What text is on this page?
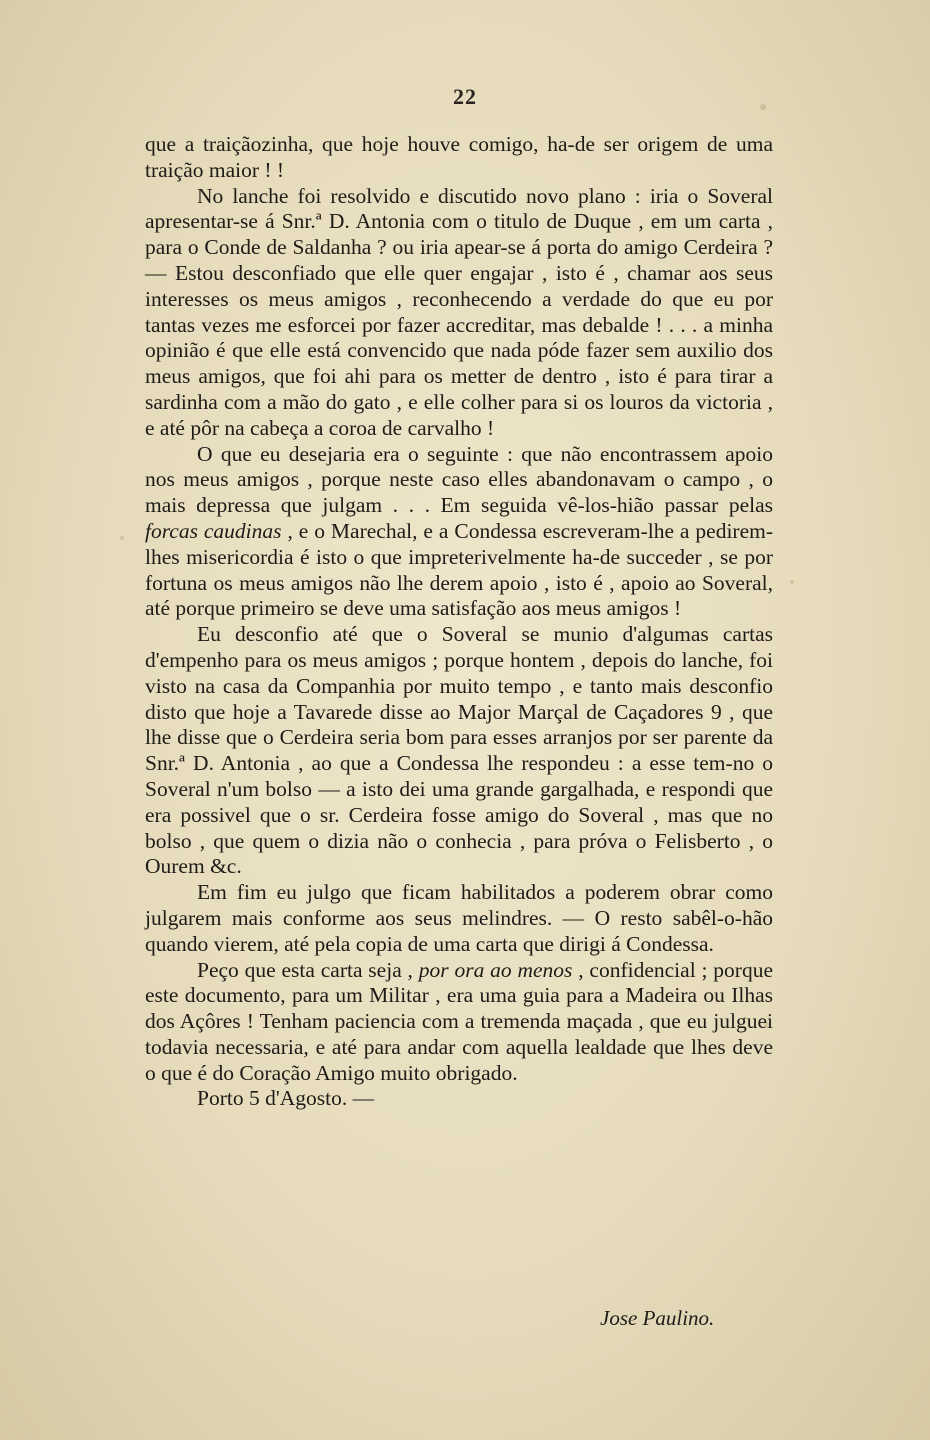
22

que a traiçãozinha, que hoje houve comigo, ha-de ser origem de uma traição maior ! !

No lanche foi resolvido e discutido novo plano : iria o Soveral apresentar-se á Snr.ª D. Antonia com o titulo de Duque , em um carta , para o Conde de Saldanha ? ou iria apear-se á porta do amigo Cerdeira ? — Estou desconfiado que elle quer engajar , isto é , chamar aos seus interesses os meus amigos , reconhecendo a verdade do que eu por tantas vezes me esforcei por fazer accreditar, mas debalde ! . . . a minha opinião é que elle está convencido que nada póde fazer sem auxilio dos meus amigos, que foi ahi para os metter de dentro , isto é para tirar a sardinha com a mão do gato , e elle colher para si os louros da victoria , e até pôr na cabeça a coroa de carvalho !

O que eu desejaria era o seguinte : que não encontrassem apoio nos meus amigos , porque neste caso elles abandonavam o campo , o mais depressa que julgam . . . Em seguida vê-los-hião passar pelas forcas caudinas , e o Marechal, e a Condessa escreveram-lhe a pedirem-lhes misericordia é isto o que impreterivelmente ha-de succeder , se por fortuna os meus amigos não lhe derem apoio , isto é , apoio ao Soveral, até porque primeiro se deve uma satisfação aos meus amigos !

Eu desconfio até que o Soveral se munio d'algumas cartas d'empenho para os meus amigos ; porque hontem , depois do lanche, foi visto na casa da Companhia por muito tempo , e tanto mais desconfio disto que hoje a Tavarede disse ao Major Marçal de Caçadores 9 , que lhe disse que o Cerdeira seria bom para esses arranjos por ser parente da Snr.ª D. Antonia , ao que a Condessa lhe respondeu : a esse tem-no o Soveral n'um bolso — a isto dei uma grande gargalhada, e respondi que era possivel que o sr. Cerdeira fosse amigo do Soveral , mas que no bolso , que quem o dizia não o conhecia , para próva o Felisberto , o Ourem &c.

Em fim eu julgo que ficam habilitados a poderem obrar como julgarem mais conforme aos seus melindres. — O resto sabêl-o-hão quando vierem, até pela copia de uma carta que dirigi á Condessa.

Peço que esta carta seja , por ora ao menos , confidencial ; porque este documento, para um Militar , era uma guia para a Madeira ou Ilhas dos Açôres ! Tenham paciencia com a tremenda maçada , que eu julguei todavia necessaria, e até para andar com aquella lealdade que lhes deve o que é do Coração Amigo muito obrigado.

Porto 5 d'Agosto. —

Jose Paulino.
